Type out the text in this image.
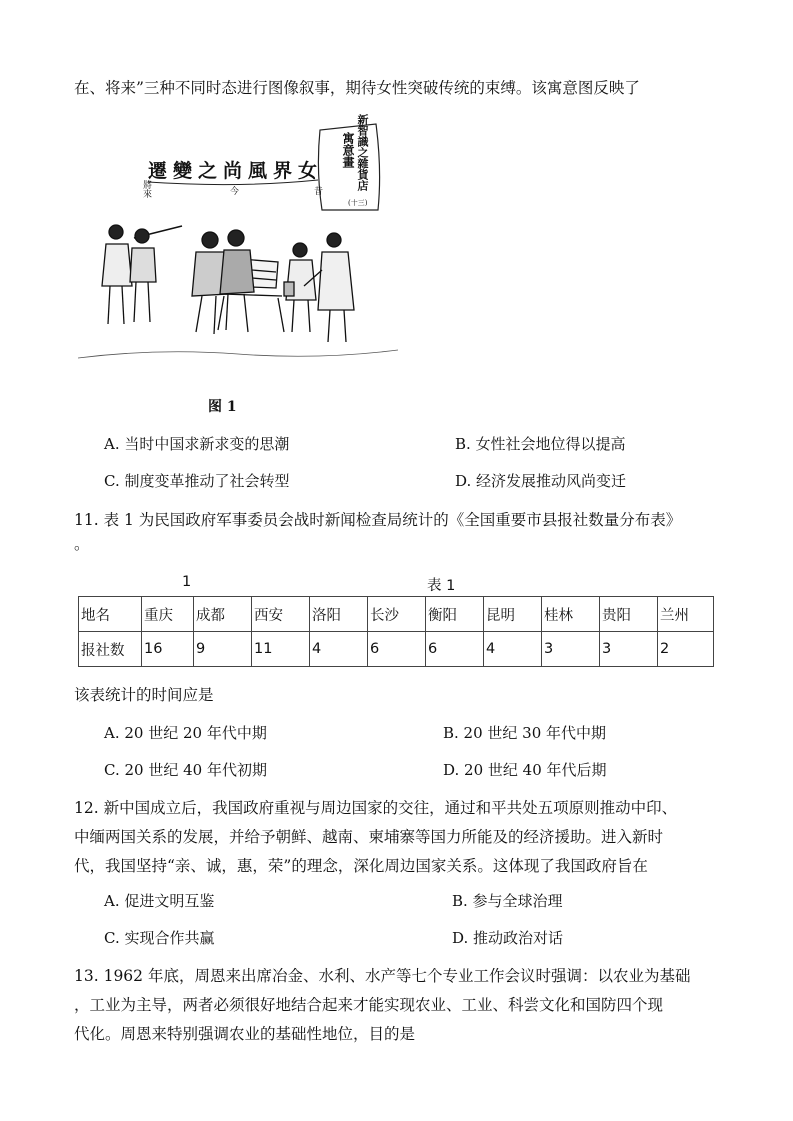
在、将来”三种不同时态进行图像叙事，期待女性突破传统的束缚。该寓意图反映了
遷變之尚風界女
將來	今	昔
新智識之雜貨店
寓意畫
(十三)
图 1
A. 当时中国求新求变的思潮	B. 女性社会地位得以提高
C. 制度变革推动了社会转型	D. 经济发展推动风尚变迁
11. 表 1 为民国政府军事委员会战时新闻检查局统计的《全国重要市县报社数量分布表》
。
1	表 1
地名	重庆	成都	西安	洛阳	长沙	衡阳	昆明	桂林	贵阳	兰州
报社数	16	9	11	4	6	6	4	3	3	2
该表统计的时间应是
A. 20 世纪 20 年代中期	B. 20 世纪 30 年代中期
C. 20 世纪 40 年代初期	D. 20 世纪 40 年代后期
12. 新中国成立后，我国政府重视与周边国家的交往，通过和平共处五项原则推动中印、
中缅两国关系的发展，并给予朝鲜、越南、柬埔寨等国力所能及的经济援助。进入新时
代，我国坚持“亲、诚，惠，荣”的理念，深化周边国家关系。这体现了我国政府旨在
A. 促进文明互鉴	B. 参与全球治理
C. 实现合作共赢	D. 推动政治对话
13. 1962 年底，周恩来出席冶金、水利、水产等七个专业工作会议时强调：以农业为基础
，工业为主导，两者必须很好地结合起来才能实现农业、工业、科尝文化和国防四个现
代化。周恩来特别强调农业的基础性地位，目的是
